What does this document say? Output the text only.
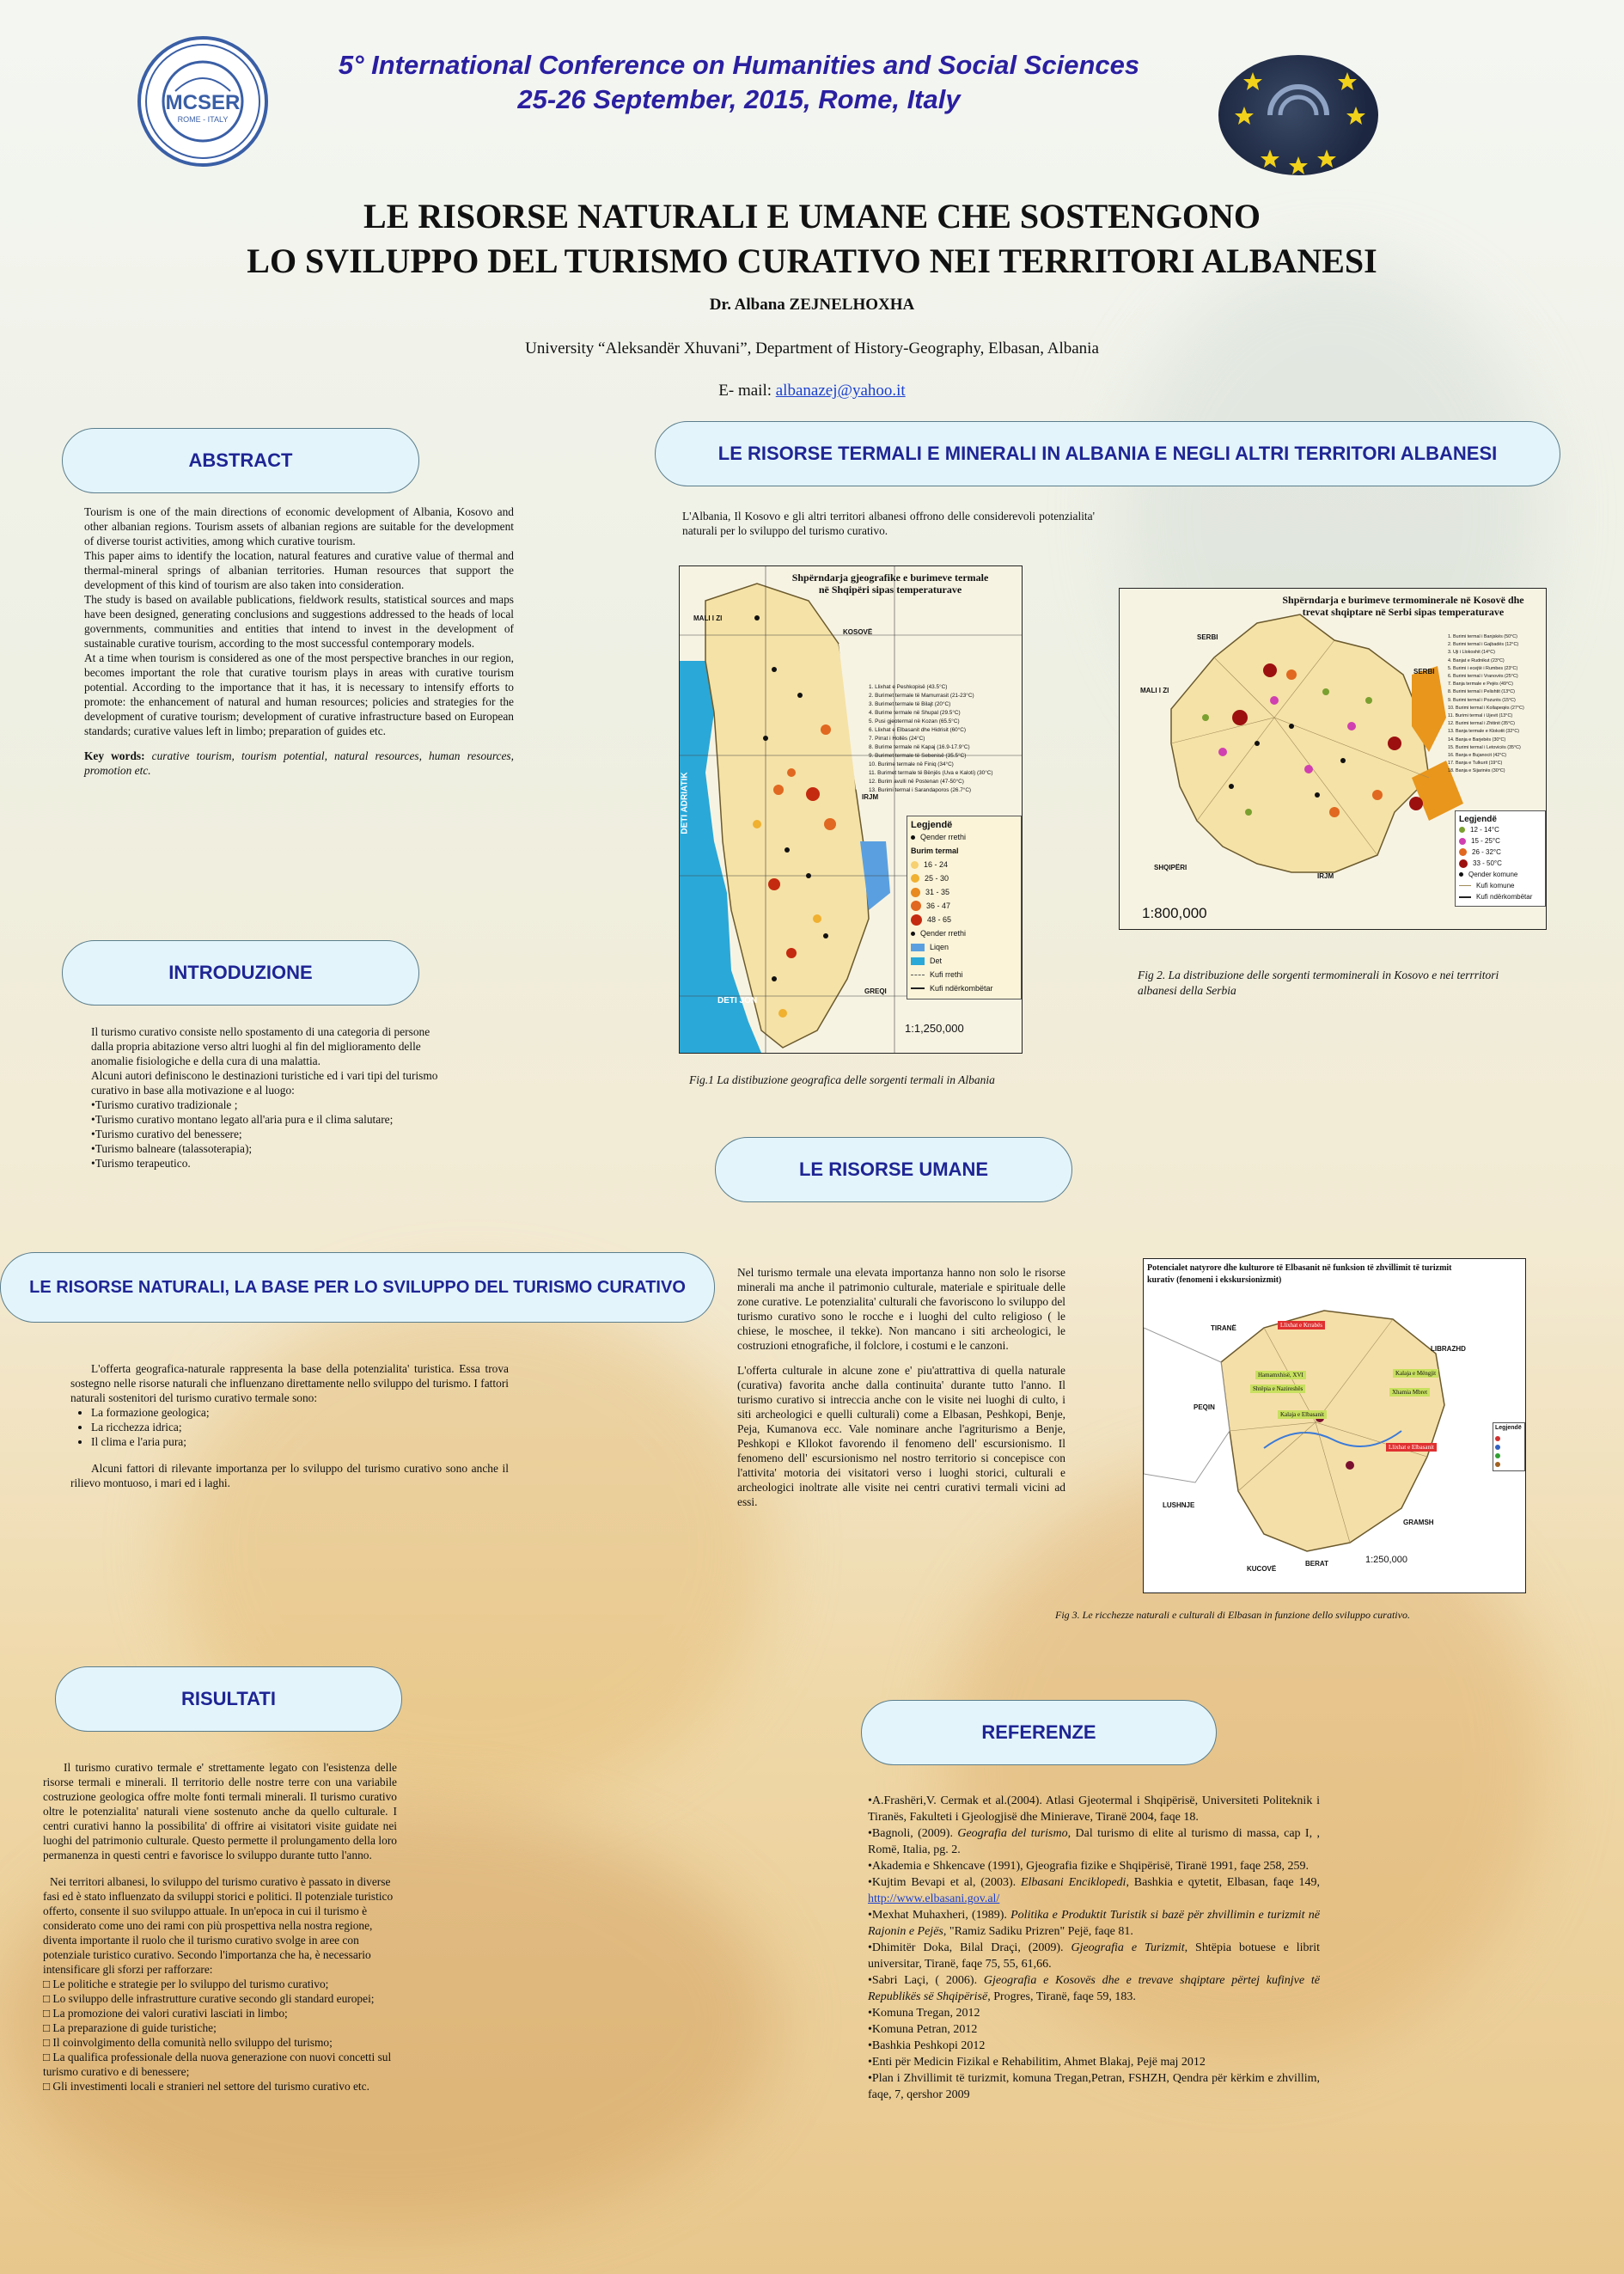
MCSER
ROME - ITALY
5° International Conference on Humanities and Social Sciences
25-26 September, 2015, Rome, Italy
LE RISORSE NATURALI E UMANE CHE SOSTENGONO
LO SVILUPPO DEL TURISMO CURATIVO NEI TERRITORI ALBANESI
Dr. Albana ZEJNELHOXHA
University “Aleksandër Xhuvani”, Department of History-Geography, Elbasan, Albania
E- mail: albanazej@yahoo.it
ABSTRACT	LE RISORSE TERMALI E MINERALI IN ALBANIA E NEGLI ALTRI TERRITORI ALBANESI
INTRODUZIONE
LE RISORSE UMANE
LE RISORSE NATURALI, LA BASE PER LO SVILUPPO DEL TURISMO CURATIVO
RISULTATI
REFERENZE

Tourism is one of the main directions of economic development of Albania, Kosovo and other albanian regions. Tourism assets of albanian regions are suitable for the development of diverse tourist activities, among which curative tourism.

This paper aims to identify the location, natural features and curative value of thermal and thermal-mineral springs of albanian territories. Human resources that support the development of this kind of tourism are also taken into consideration.

The study is based on available publications, fieldwork results, statistical sources and maps have been designed, generating conclusions and suggestions addressed to the heads of local governments, communities and entities that intend to invest in the development of sustainable curative tourism, according to the most successful contemporary models.

At a time when tourism is considered as one of the most perspective branches in our region, becomes important the role that curative tourism plays in areas with curative tourism potential. According to the importance that it has, it is necessary to intensify efforts to promote: the enhancement of natural and human resources; policies and strategies for the development of curative tourism; development of curative infrastructure based on European standards; curative values left in limbo; preparation of guides etc.

Key words: curative tourism, tourism potential, natural resources, human resources, promotion etc.

Il turismo curativo consiste nello spostamento di una categoria di persone dalla propria abitazione verso altri luoghi al fin del miglioramento delle anomalie fisiologiche e della cura di una malattia.

Alcuni autori definiscono le destinazioni turistiche ed i vari tipi del turismo curativo in base alla motivazione e al luogo:

•Turismo curativo tradizionale ;

•Turismo curativo montano legato all'aria pura e il clima salutare;

•Turismo curativo del benessere;

•Turismo balneare (talassoterapia);

•Turismo terapeutico.

L'offerta geografica-naturale rappresenta la base della potenzialita' turistica. Essa trova sostegno nelle risorse naturali che influenzano direttamente nello sviluppo del turismo. I fattori naturali sostenitori del turismo curativo termale sono:

• La formazione geologica;
• La ricchezza idrica;
• Il clima e l'aria pura;

Alcuni fattori di rilevante importanza per lo sviluppo del turismo curativo sono anche il rilievo montuoso, i mari ed i laghi.

Il turismo curativo termale e' strettamente legato con l'esistenza delle risorse termali e minerali. Il territorio delle nostre terre con una variabile costruzione geologica offre molte fonti termali minerali. Il turismo curativo oltre le potenzialita' naturali viene sostenuto anche da quello culturale. I centri curativi hanno la possibilita' di offrire ai visitatori visite guidate nei luoghi del patrimonio culturale. Questo permette il prolungamento della loro permanenza in questi centri e favorisce lo sviluppo durante tutto l'anno.

Nei territori albanesi, lo sviluppo del turismo curativo è passato in diverse fasi ed è stato influenzato da sviluppi storici e politici. Il potenziale turistico offerto, consente il suo sviluppo attuale. In un'epoca in cui il turismo è considerato come uno dei rami con più prospettiva nella nostra regione, diventa importante il ruolo che il turismo curativo svolge in aree con potenziale turistico curativo. Secondo l'importanza che ha, è necessario intensificare gli sforzi per rafforzare:

□ Le politiche e strategie per lo sviluppo del turismo curativo;

□ Lo sviluppo delle infrastrutture curative secondo gli standard europei;

□ La promozione dei valori curativi lasciati in limbo;

□ La preparazione di guide turistiche;

□ Il coinvolgimento della comunità nello sviluppo del turismo;

□ La qualifica professionale della nuova generazione con nuovi concetti sul turismo curativo e di benessere;

□ Gli investimenti locali e stranieri nel settore del turismo curativo etc.

L'Albania, Il Kosovo e gli altri territori albanesi offrono delle considerevoli potenzialita' naturali per lo sviluppo del turismo curativo.
Shpërndarja gjeografike e burimeve termale në Shqipëri sipas temperaturave
DETI ADRIATIK
DETI JON
MALI I ZI
KOSOVË
IRJM
GREQI
1. Llixhat e Peshkopisë (43.5°C)
2. Burimet termale të Mamurrasit (21-23°C)
3. Burimet termale të Bilajt (20°C)
4. Burime termale në Shupal (29.5°C)
5. Pusi gjeotermal në Kozan (65.5°C)
6. Llixhat e Elbasanit dhe Hidrisit (60°C)
7. Pirrat i Hollës (24°C)
8. Burime termale në Kapaj (16.9-17.9°C)
9. Burimet termale të Sebenisë (35.5°C)
10. Burime termale në Finiq (34°C)
11. Burimet termale të Bënjës (Uva e Kaloti) (30°C)
12. Burim avulli në Postenan (47-50°C)
13. Burimi termal i Sarandaporos (26.7°C)
Legjendë
Qender rrethi
Burim termal
16 - 24
25 - 30
31 - 35
36 - 47
48 - 65
Qender rrethi
Liqen
Det
Kufi rrethi
Kufi ndërkombëtar
1:1,250,000
Fig.1 La distibuzione geografica delle sorgenti termali in Albania
Shpërndarja e burimeve termominerale në Kosovë dhe trevat shqiptare në Serbi sipas temperaturave
SERBI
MALI I ZI
SHQIPËRI
IRJM
SERBI
1. Burimi termal i Banjskës (50°C)
2. Burimi termal i Gajbadës (12°C)
3. Uji i Llokoshit (14°C)
4. Banjat e Rudnikut (23°C)
5. Burimi i ecejtë i Rumbes (23°C)
6. Burimi termal i Vranovës (25°C)
7. Banja termale e Pejës (49°C)
8. Burimi termal i Pelishtit (13°C)
9. Burimi termal i Pozurës (15°C)
10. Burimi termal i Kollapeqës (27°C)
11. Burimi termal i Ujevit (13°C)
12. Burimi termal i Zhitinit (35°C)
13. Banja termale e Klokotit (32°C)
14. Banja e Barjebës (30°C)
15. Burimi termal i Letovicës (35°C)
16. Banja e Bujanocit (42°C)
17. Banja e Tulkurit (19°C)
18. Banja e Sijarinës (30°C)
Legjendë
12 - 14°C
15 - 25°C
26 - 32°C
33 - 50°C
Qender komune
Kufi komune
Kufi ndërkombëtar
1:800,000
Fig 2. La distribuzione delle sorgenti termominerali in Kosovo e nei terrritori albanesi della Serbia

Nel turismo termale una elevata importanza hanno non solo le risorse minerali ma anche il patrimonio culturale, materiale e spirituale delle zone curative. Le potenzialita' culturali che favoriscono lo sviluppo del turismo curativo sono le rocche e i luoghi del culto religioso ( le chiese, le moschee, il tekke). Non mancano i siti archeologici, le costruzioni etnografiche, il folclore, i costumi e le canzoni.

L'offerta culturale in alcune zone e' piu'attrattiva di quella naturale (curativa) favorita anche dalla continuita' durante tutto l'anno. Il turismo curativo si intreccia anche con le visite nei luoghi di culto, i siti archeologici e quelli culturali) come a Elbasan, Peshkopi, Benje, Peja, Kumanova ecc. Vale nominare anche l'agriturismo a Benje, Peshkopi e Kllokot favorendo il fenomeno dell' escursionismo. Il fenomeno dell' escursionismo nel nostro territorio si concepisce con l'attivita' motoria dei visitatori verso i luoghi storici, culturali e archeologici inoltrate alle visite nei centri curativi termali vicini ad essi.

Potencialet natyrore dhe kulturore të Elbasanit në funksion të zhvillimit të turizmit kurativ (fenomeni i ekskursionizmit)
TIRANË
PEQIN
LUSHNJE
KUCOVË
BERAT
GRAMSH
LIBRAZHD
Llixhat e Krrabës
Llixhat e Elbasanit
Hamamxhisë, XVI
Shtëpia e Nazireshës
Kalaja e Mëngjit
Kalaja e Elbasanit
Xhamia Mbret
Legjendë
1:250,000
Fig 3. Le ricchezze naturali e culturali di Elbasan in funzione dello sviluppo curativo.

•A.Frashëri,V. Cermak et al.(2004). Atlasi Gjeotermal i Shqipërisë, Universiteti Politeknik i Tiranës, Fakulteti i Gjeologjisë dhe Minierave, Tiranë 2004, faqe 18.

•Bagnoli, (2009). Geografia del turismo, Dal turismo di elite al turismo di massa, cap I, , Romë, Italia, pg. 2.

•Akademia e Shkencave (1991), Gjeografia fizike e Shqipërisë, Tiranë 1991, faqe 258, 259.

•Kujtim Bevapi et al, (2003). Elbasani Enciklopedi, Bashkia e qytetit, Elbasan, faqe 149, http://www.elbasani.gov.al/

•Mexhat Muhaxheri, (1989). Politika e Produktit Turistik si bazë për zhvillimin e turizmit në Rajonin e Pejës, "Ramiz Sadiku Prizren" Pejë, faqe 81.

•Dhimitër Doka, Bilal Draçi, (2009). Gjeografia e Turizmit, Shtëpia botuese e librit universitar, Tiranë, faqe 75, 55, 61,66.

•Sabri Laçi, ( 2006). Gjeografia e Kosovës dhe e trevave shqiptare përtej kufinjve të Republikës së Shqipërisë, Progres, Tiranë, faqe 59, 183.

•Komuna Tregan, 2012

•Komuna Petran, 2012

•Bashkia Peshkopi 2012

•Enti për Medicin Fizikal e Rehabilitim, Ahmet Blakaj, Pejë maj 2012

•Plan i Zhvillimit të turizmit, komuna Tregan,Petran, FSHZH, Qendra për kërkim e zhvillim, faqe, 7, qershor 2009
